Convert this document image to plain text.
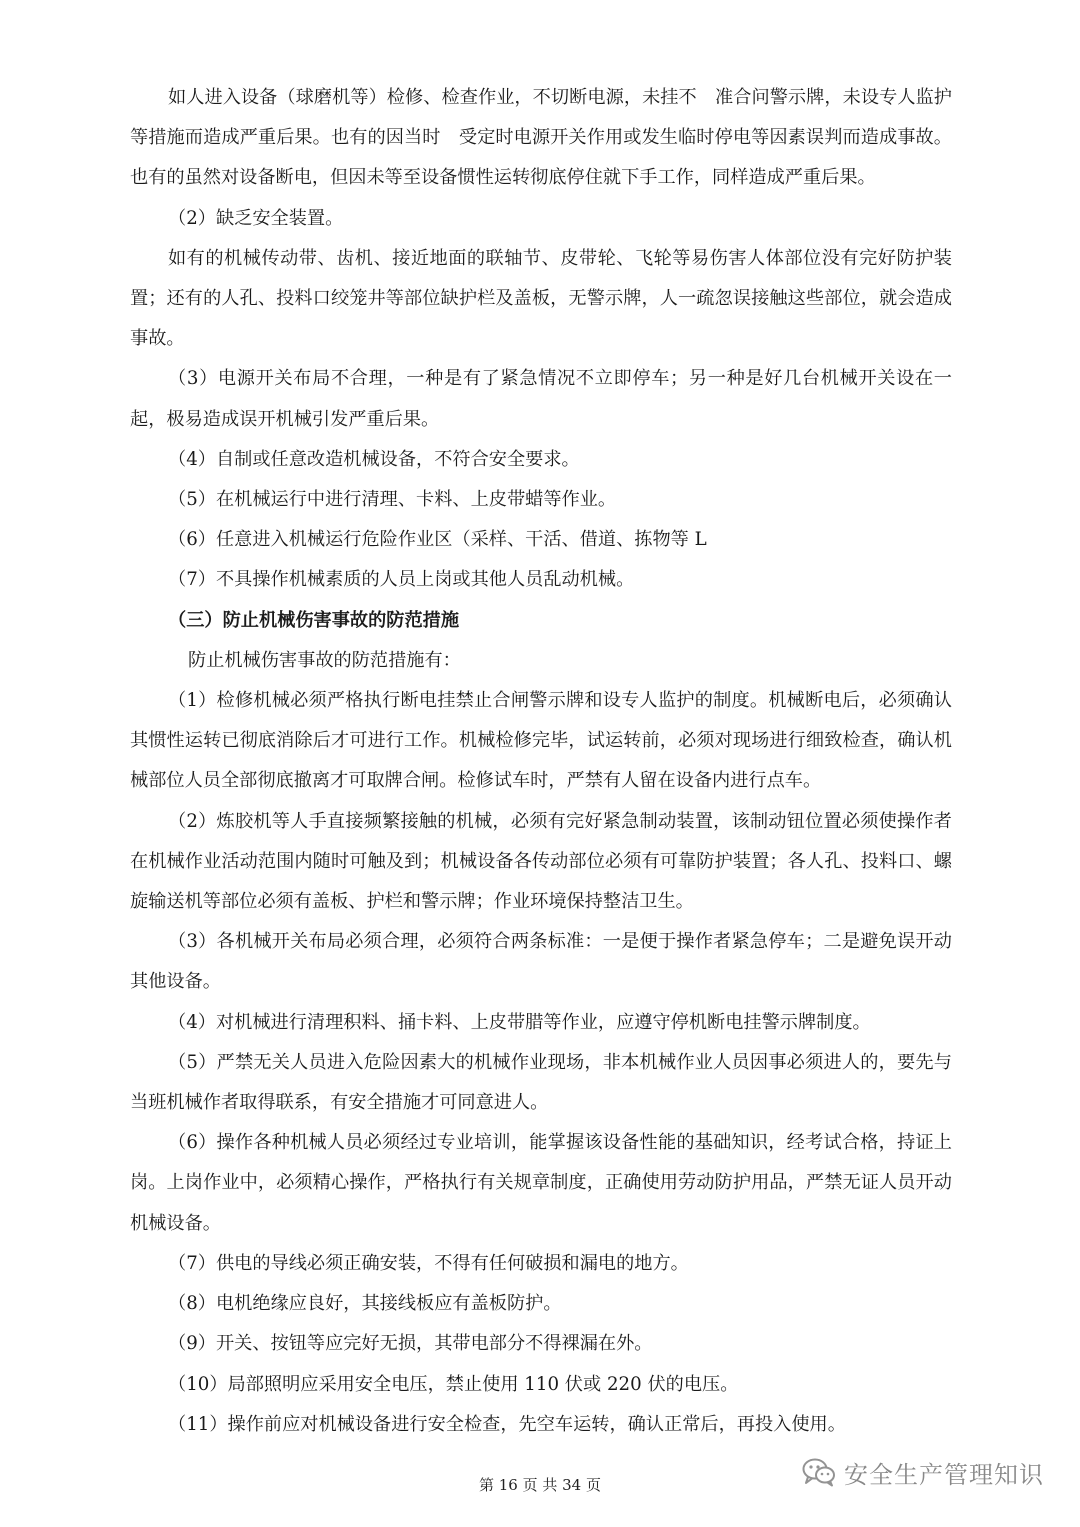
如人进入设备（球磨机等）检修、检查作业，不切断电源，未挂不　准合问警示牌，未设专人监护等措施而造成严重后果。也有的因当时　受定时电源开关作用或发生临时停电等因素误判而造成事故。也有的虽然对设备断电，但因未等至设备惯性运转彻底停住就下手工作，同样造成严重后果。

（2）缺乏安全装置。

如有的机械传动带、齿机、接近地面的联轴节、皮带轮、飞轮等易伤害人体部位没有完好防护装置；还有的人孔、投料口绞笼井等部位缺护栏及盖板，无警示牌，人一疏忽误接触这些部位，就会造成事故。

（3）电源开关布局不合理，一种是有了紧急情况不立即停车；另一种是好几台机械开关设在一起，极易造成误开机械引发严重后果。

（4）自制或任意改造机械设备，不符合安全要求。

（5）在机械运行中进行清理、卡料、上皮带蜡等作业。

（6）任意进入机械运行危险作业区（采样、干活、借道、拣物等 L

（7）不具操作机械素质的人员上岗或其他人员乱动机械。

（三）防止机械伤害事故的防范措施

防止机械伤害事故的防范措施有：

（1）检修机械必须严格执行断电挂禁止合闸警示牌和设专人监护的制度。机械断电后，必须确认其惯性运转已彻底消除后才可进行工作。机械检修完毕，试运转前，必须对现场进行细致检查，确认机械部位人员全部彻底撤离才可取牌合闸。检修试车时，严禁有人留在设备内进行点车。

（2）炼胶机等人手直接频繁接触的机械，必须有完好紧急制动装置，该制动钮位置必须使操作者在机械作业活动范围内随时可触及到；机械设备各传动部位必须有可靠防护装置；各人孔、投料口、螺旋输送机等部位必须有盖板、护栏和警示牌；作业环境保持整洁卫生。

（3）各机械开关布局必须合理，必须符合两条标准：一是便于操作者紧急停车；二是避免误开动其他设备。

（4）对机械进行清理积料、捅卡料、上皮带腊等作业，应遵守停机断电挂警示牌制度。

（5）严禁无关人员进入危险因素大的机械作业现场，非本机械作业人员因事必须进人的，要先与当班机械作者取得联系，有安全措施才可同意进人。

（6）操作各种机械人员必须经过专业培训，能掌握该设备性能的基础知识，经考试合格，持证上岗。上岗作业中，必须精心操作，严格执行有关规章制度，正确使用劳动防护用品，严禁无证人员开动机械设备。

（7）供电的导线必须正确安装，不得有任何破损和漏电的地方。

（8）电机绝缘应良好，其接线板应有盖板防护。

（9）开关、按钮等应完好无损，其带电部分不得裸漏在外。

（10）局部照明应采用安全电压，禁止使用 110 伏或 220 伏的电压。

（11）操作前应对机械设备进行安全检查，先空车运转，确认正常后，再投入使用。

第 16 页 共 34 页	安全生产管理知识
